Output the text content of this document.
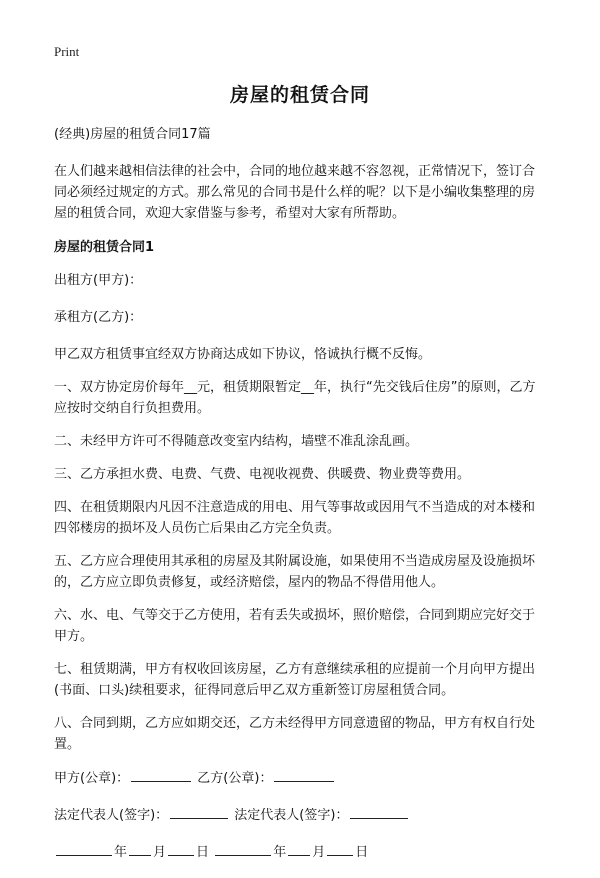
Print
房屋的租赁合同
(经典)房屋的租赁合同17篇
在人们越来越相信法律的社会中，合同的地位越来越不容忽视，正常情况下，签订合同必须经过规定的方式。那么常见的合同书是什么样的呢？以下是小编收集整理的房屋的租赁合同，欢迎大家借鉴与参考，希望对大家有所帮助。
房屋的租赁合同1
出租方(甲方)：
承租方(乙方)：
甲乙双方租赁事宜经双方协商达成如下协议，恪诚执行概不反悔。
一、双方协定房价每年__元，租赁期限暂定__年，执行“先交钱后住房”的原则，乙方应按时交纳自行负担费用。
二、未经甲方许可不得随意改变室内结构，墙壁不准乱涂乱画。
三、乙方承担水费、电费、气费、电视收视费、供暖费、物业费等费用。
四、在租赁期限内凡因不注意造成的用电、用气等事故或因用气不当造成的对本楼和四邻楼房的损坏及人员伤亡后果由乙方完全负责。
五、乙方应合理使用其承租的房屋及其附属设施，如果使用不当造成房屋及设施损坏的，乙方应立即负责修复，或经济赔偿，屋内的物品不得借用他人。
六、水、电、气等交于乙方使用，若有丢失或损坏，照价赔偿，合同到期应完好交于甲方。
七、租赁期满，甲方有权收回该房屋，乙方有意继续承租的应提前一个月向甲方提出(书面、口头)续租要求，征得同意后甲乙双方重新签订房屋租赁合同。
八、合同到期，乙方应如期交还，乙方未经得甲方同意遗留的物品，甲方有权自行处置。
甲方(公章)：	乙方(公章)：
法定代表人(签字)：	法定代表人(签字)：
年 月 日	年 月 日
